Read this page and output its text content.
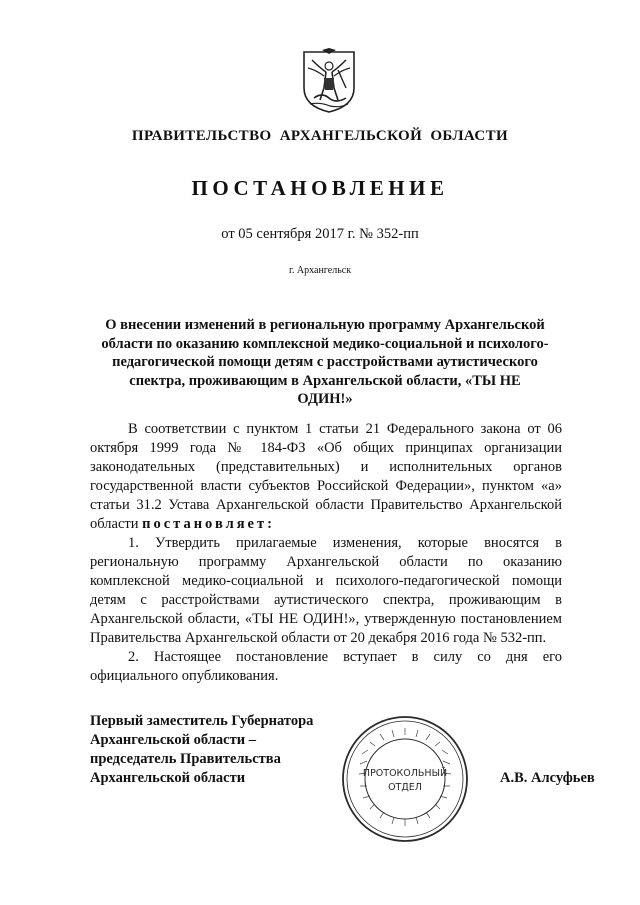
ПРАВИТЕЛЬСТВО АРХАНГЕЛЬСКОЙ ОБЛАСТИ
ПОСТАНОВЛЕНИЕ
от 05 сентября 2017 г. № 352-пп
г. Архангельск
О внесении изменений в региональную программу Архангельской
области по оказанию комплексной медико-социальной и психолого-
педагогической помощи детям с расстройствами аутистического
спектра, проживающим в Архангельской области, «ТЫ НЕ ОДИН!»

В соответствии с пунктом 1 статьи 21 Федерального закона от 06 октября 1999 года № 184-ФЗ «Об общих принципах организации законодательных (представительных) и исполнительных органов государственной власти субъектов Российской Федерации», пунктом «а» статьи 31.2 Устава Архангельской области Правительство Архангельской области постановляет:

1. Утвердить прилагаемые изменения, которые вносятся в региональную программу Архангельской области по оказанию комплексной медико-социальной и психолого-педагогической помощи детям с расстройствами аутистического спектра, проживающим в Архангельской области, «ТЫ НЕ ОДИН!», утвержденную постановлением Правительства Архангельской области от 20 декабря 2016 года № 532-пп.

2. Настоящее постановление вступает в силу со дня его официального опубликования.

Первый заместитель Губернатора
Архангельской области –
председатель Правительства
Архангельской области	ПРОТОКОЛЬНЫЙ
ОТДЕЛ
А.В. Алсуфьев
